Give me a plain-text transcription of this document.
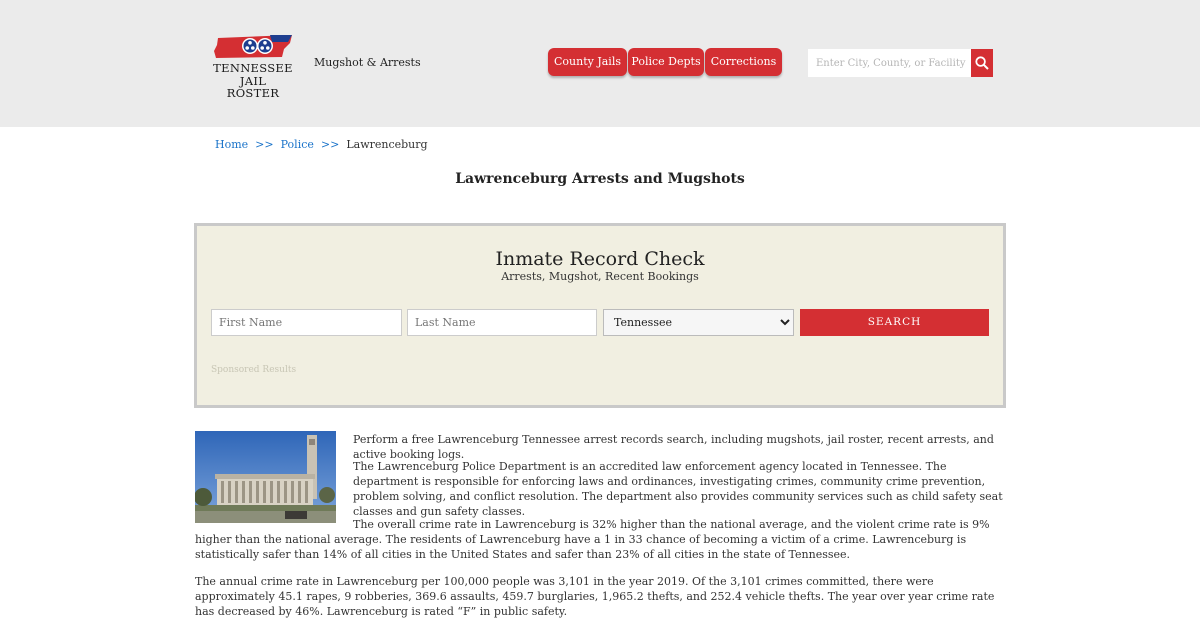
TENNESSEE
JAIL ROSTER
Mugshot & Arrests	County Jails Police Depts Corrections
Enter City, County, or Facility
Home >> Police >> Lawrenceburg
Lawrenceburg Arrests and Mugshots
Inmate Record Check
Arrests, Mugshot, Recent Bookings
First Name
Last Name
Tennessee
SEARCH
Sponsored Results
Perform a free Lawrenceburg Tennessee arrest records search, including mugshots, jail roster, recent arrests, and active booking logs.
The Lawrenceburg Police Department is an accredited law enforcement agency located in Tennessee. The department is responsible for enforcing laws and ordinances, investigating crimes, community crime prevention, problem solving, and conflict resolution. The department also provides community services such as child safety seat classes and gun safety classes.
The overall crime rate in Lawrenceburg is 32% higher than the national average, and the violent crime rate is 9% higher than the national average. The residents of Lawrenceburg have a 1 in 33 chance of becoming a victim of a crime. Lawrenceburg is statistically safer than 14% of all cities in the United States and safer than 23% of all cities in the state of Tennessee.
The annual crime rate in Lawrenceburg per 100,000 people was 3,101 in the year 2019. Of the 3,101 crimes committed, there were approximately 45.1 rapes, 9 robberies, 369.6 assaults, 459.7 burglaries, 1,965.2 thefts, and 252.4 vehicle thefts. The year over year crime rate has decreased by 46%. Lawrenceburg is rated “F” in public safety.
